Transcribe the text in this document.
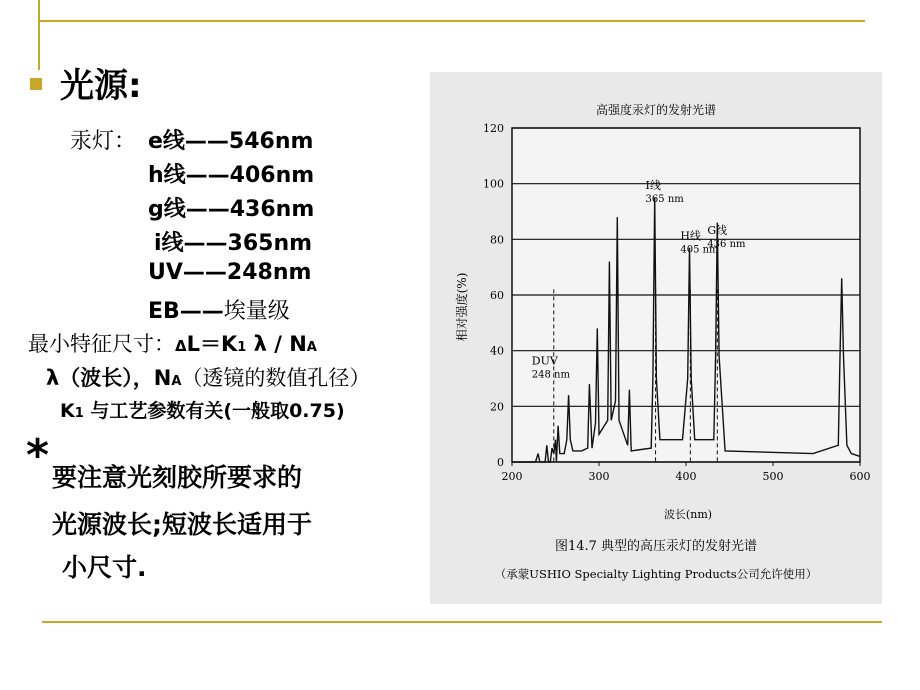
光源:
汞灯： e线——546nm
h线——406nm
g线——436nm
i线——365nm
UV——248nm
EB——埃量级
最小特征尺寸：ΔL＝K1 λ / NA
λ（波长），NA（透镜的数值孔径）
K1 与工艺参数有关(一般取0.75)
* 要注意光刻胶所要求的
光源波长;短波长适用于
小尺寸.
高强度汞灯的发射光谱
相对强度(%)
波长(nm)
图14.7 典型的高压汞灯的发射光谱
（承蒙USHIO Specialty Lighting Products公司允许使用）
0
20
40
60
80
100
120
200	300	400	500	600
DUV
248 nm
I线
365 nm
H线
405 nm
G线
436 nm
